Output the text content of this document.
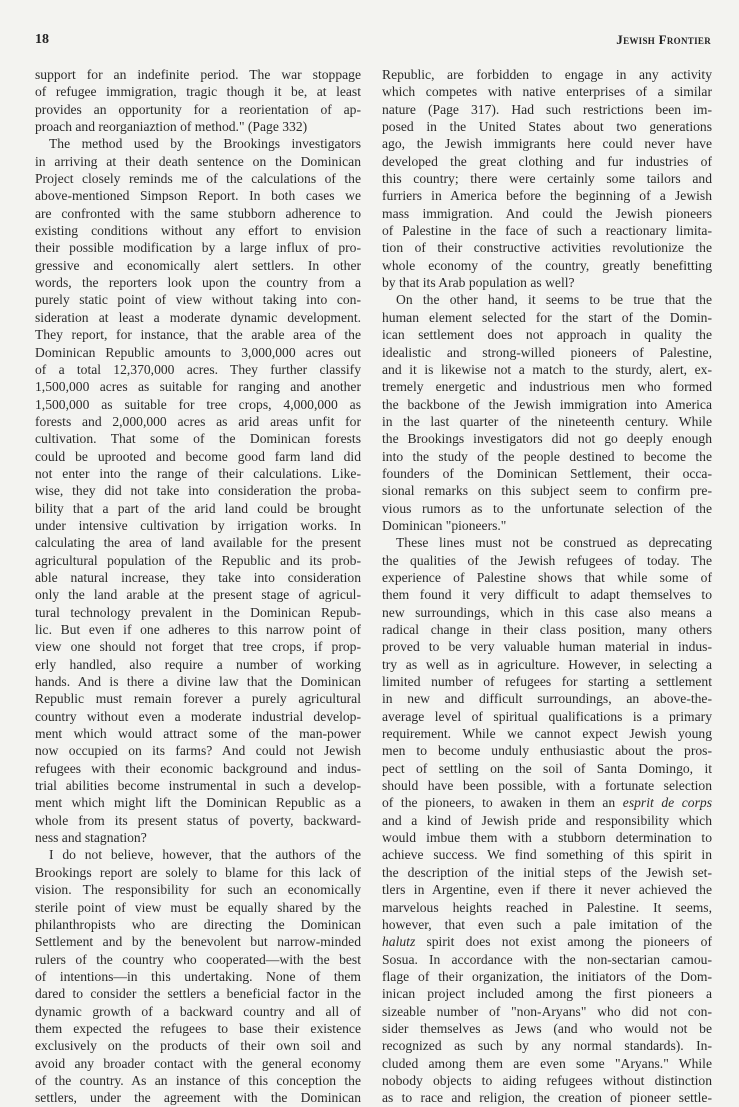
18	Jewish Frontier
support for an indefinite period. The war stoppage
of refugee immigration, tragic though it be, at least
provides an opportunity for a reorientation of ap-
proach and reorganiaztion of method." (Page 332)
The method used by the Brookings investigators
in arriving at their death sentence on the Dominican
Project closely reminds me of the calculations of the
above-mentioned Simpson Report. In both cases we
are confronted with the same stubborn adherence to
existing conditions without any effort to envision
their possible modification by a large influx of pro-
gressive and economically alert settlers. In other
words, the reporters look upon the country from a
purely static point of view without taking into con-
sideration at least a moderate dynamic development.
They report, for instance, that the arable area of the
Dominican Republic amounts to 3,000,000 acres out
of a total 12,370,000 acres. They further classify
1,500,000 acres as suitable for ranging and another
1,500,000 as suitable for tree crops, 4,000,000 as
forests and 2,000,000 acres as arid areas unfit for
cultivation. That some of the Dominican forests
could be uprooted and become good farm land did
not enter into the range of their calculations. Like-
wise, they did not take into consideration the proba-
bility that a part of the arid land could be brought
under intensive cultivation by irrigation works. In
calculating the area of land available for the present
agricultural population of the Republic and its prob-
able natural increase, they take into consideration
only the land arable at the present stage of agricul-
tural technology prevalent in the Dominican Repub-
lic. But even if one adheres to this narrow point of
view one should not forget that tree crops, if prop-
erly handled, also require a number of working
hands. And is there a divine law that the Dominican
Republic must remain forever a purely agricultural
country without even a moderate industrial develop-
ment which would attract some of the man-power
now occupied on its farms? And could not Jewish
refugees with their economic background and indus-
trial abilities become instrumental in such a develop-
ment which might lift the Dominican Republic as a
whole from its present status of poverty, backward-
ness and stagnation?
I do not believe, however, that the authors of the
Brookings report are solely to blame for this lack of
vision. The responsibility for such an economically
sterile point of view must be equally shared by the
philanthropists who are directing the Dominican
Settlement and by the benevolent but narrow-minded
rulers of the country who cooperated—with the best
of intentions—in this undertaking. None of them
dared to consider the settlers a beneficial factor in the
dynamic growth of a backward country and all of
them expected the refugees to base their existence
exclusively on the products of their own soil and
avoid any broader contact with the general economy
of the country. As an instance of this conception the
settlers, under the agreement with the Dominican
Republic, are forbidden to engage in any activity
which competes with native enterprises of a similar
nature (Page 317). Had such restrictions been im-
posed in the United States about two generations
ago, the Jewish immigrants here could never have
developed the great clothing and fur industries of
this country; there were certainly some tailors and
furriers in America before the beginning of a Jewish
mass immigration. And could the Jewish pioneers
of Palestine in the face of such a reactionary limita-
tion of their constructive activities revolutionize the
whole economy of the country, greatly benefitting
by that its Arab population as well?
On the other hand, it seems to be true that the
human element selected for the start of the Domin-
ican settlement does not approach in quality the
idealistic and strong-willed pioneers of Palestine,
and it is likewise not a match to the sturdy, alert, ex-
tremely energetic and industrious men who formed
the backbone of the Jewish immigration into America
in the last quarter of the nineteenth century. While
the Brookings investigators did not go deeply enough
into the study of the people destined to become the
founders of the Dominican Settlement, their occa-
sional remarks on this subject seem to confirm pre-
vious rumors as to the unfortunate selection of the
Dominican "pioneers."
These lines must not be construed as deprecating
the qualities of the Jewish refugees of today. The
experience of Palestine shows that while some of
them found it very difficult to adapt themselves to
new surroundings, which in this case also means a
radical change in their class position, many others
proved to be very valuable human material in indus-
try as well as in agriculture. However, in selecting a
limited number of refugees for starting a settlement
in new and difficult surroundings, an above-the-
average level of spiritual qualifications is a primary
requirement. While we cannot expect Jewish young
men to become unduly enthusiastic about the pros-
pect of settling on the soil of Santa Domingo, it
should have been possible, with a fortunate selection
of the pioneers, to awaken in them an esprit de corps
and a kind of Jewish pride and responsibility which
would imbue them with a stubborn determination to
achieve success. We find something of this spirit in
the description of the initial steps of the Jewish set-
tlers in Argentine, even if there it never achieved the
marvelous heights reached in Palestine. It seems,
however, that even such a pale imitation of the
halutz spirit does not exist among the pioneers of
Sosua. In accordance with the non-sectarian camou-
flage of their organization, the initiators of the Dom-
inican project included among the first pioneers a
sizeable number of "non-Aryans" who did not con-
sider themselves as Jews (and who would not be
recognized as such by any normal standards). In-
cluded among them are even some "Aryans." While
nobody objects to aiding refugees without distinction
as to race and religion, the creation of pioneer settle-
